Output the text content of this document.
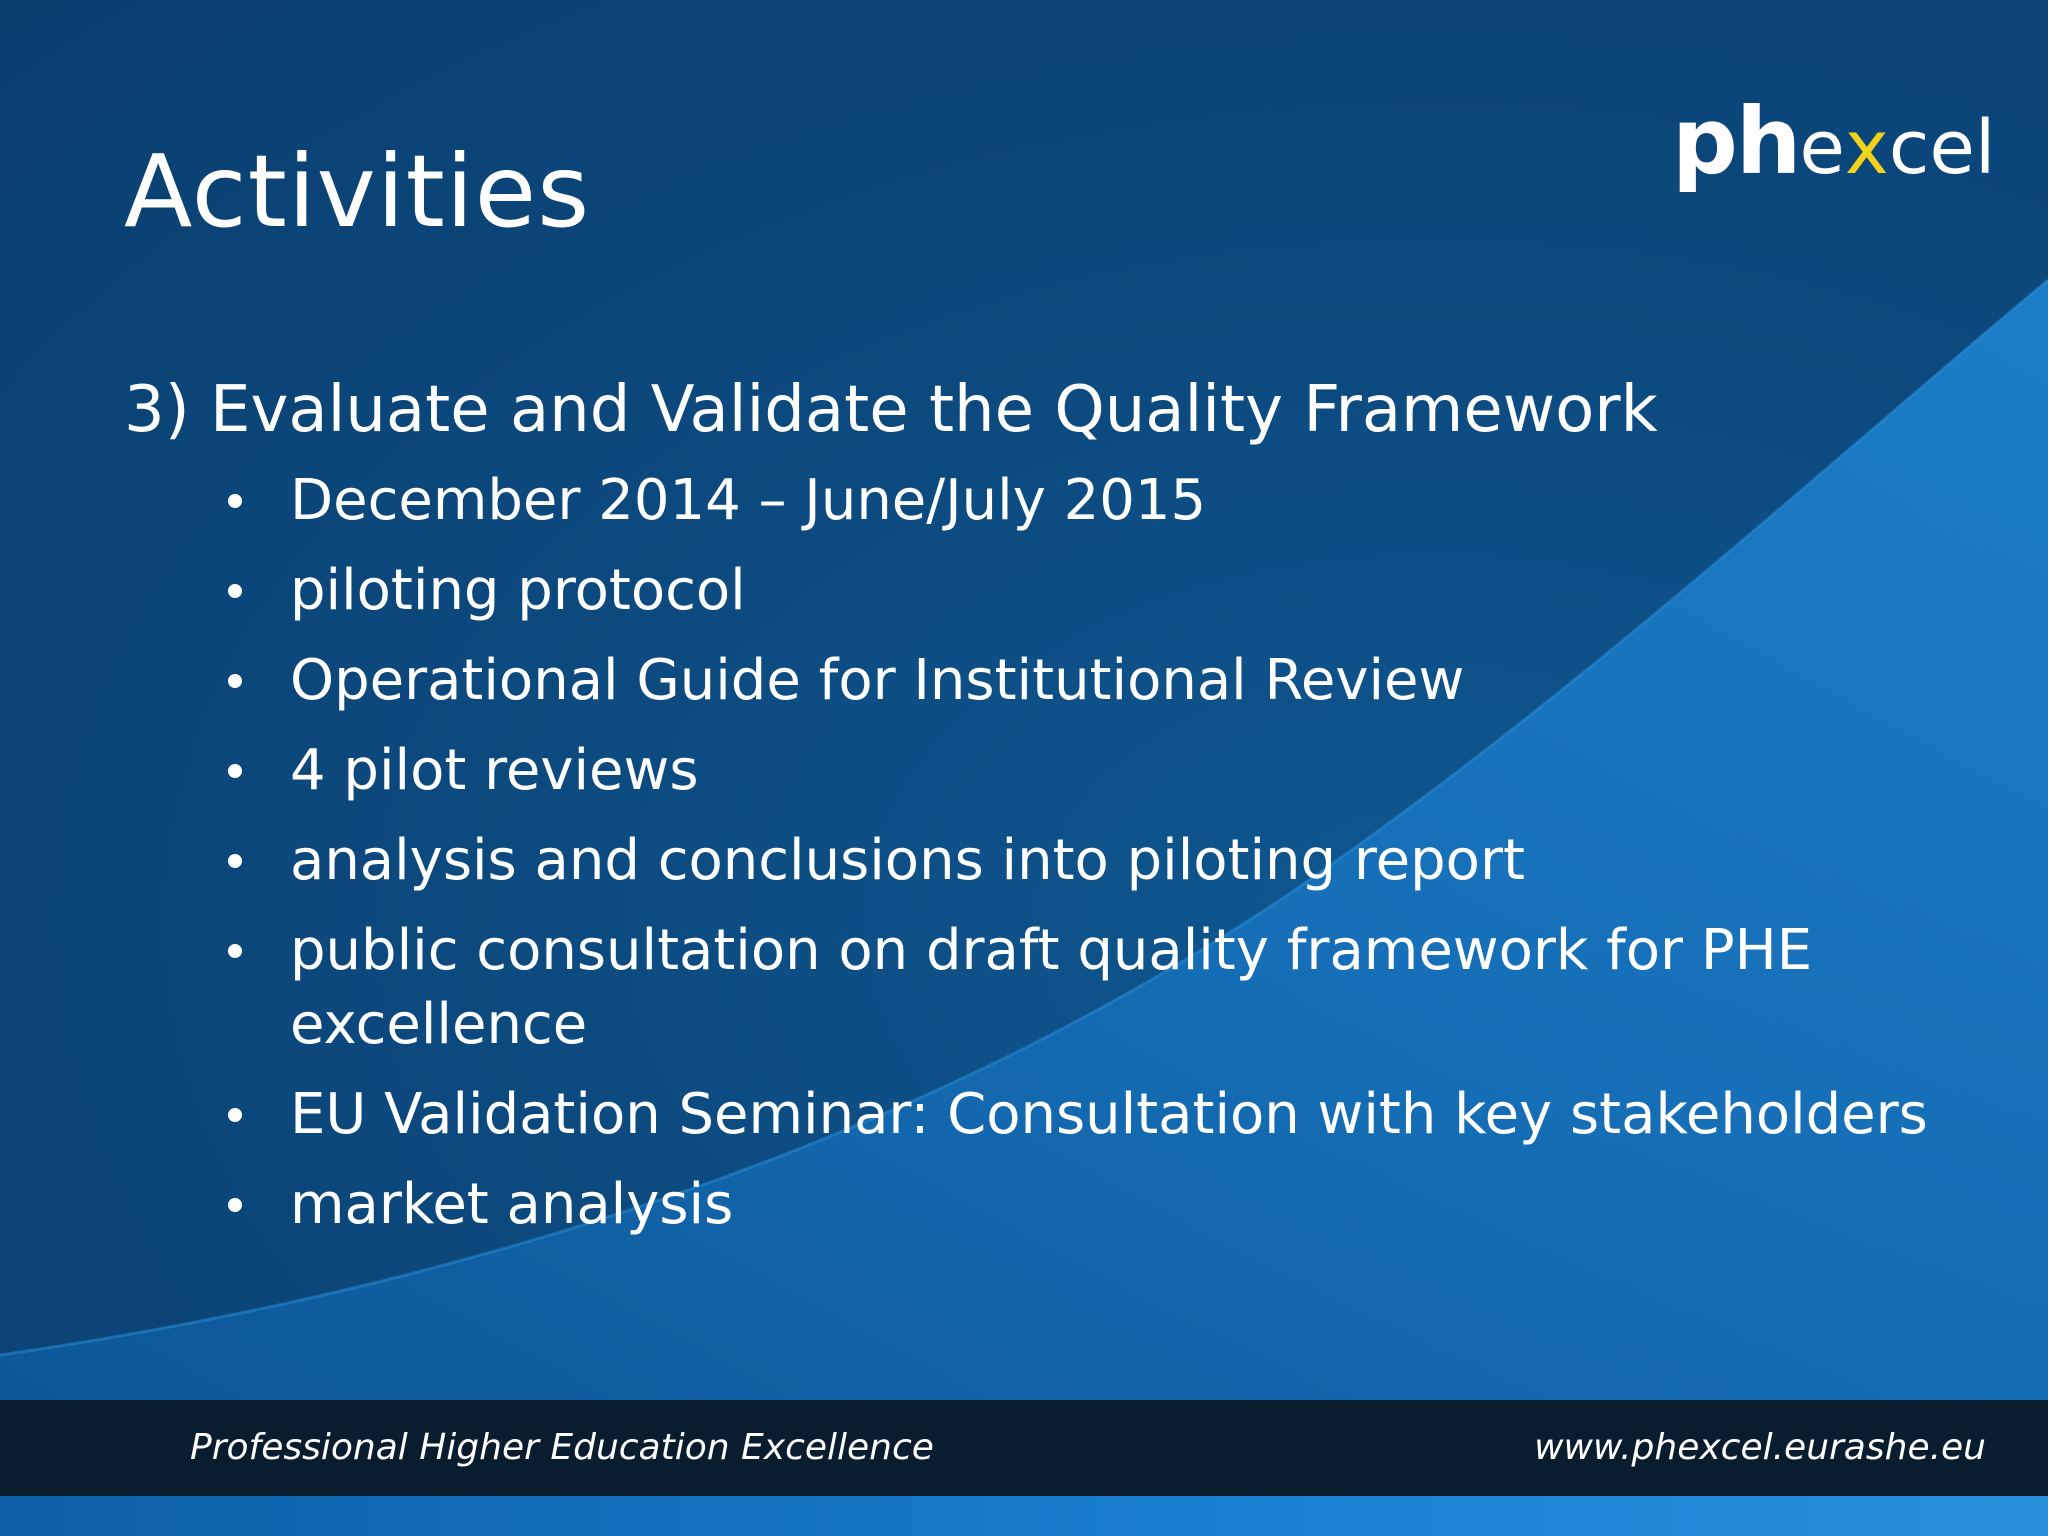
Activities	ph e x cel
3) Evaluate and Validate the Quality Framework
December 2014 – June/July 2015
piloting protocol
Operational Guide for Institutional Review
4 pilot reviews
analysis and conclusions into piloting report
public consultation on draft quality framework for PHE excellence
EU Validation Seminar: Consultation with key stakeholders
market analysis
Professional Higher Education Excellence	www.phexcel.eurashe.eu
